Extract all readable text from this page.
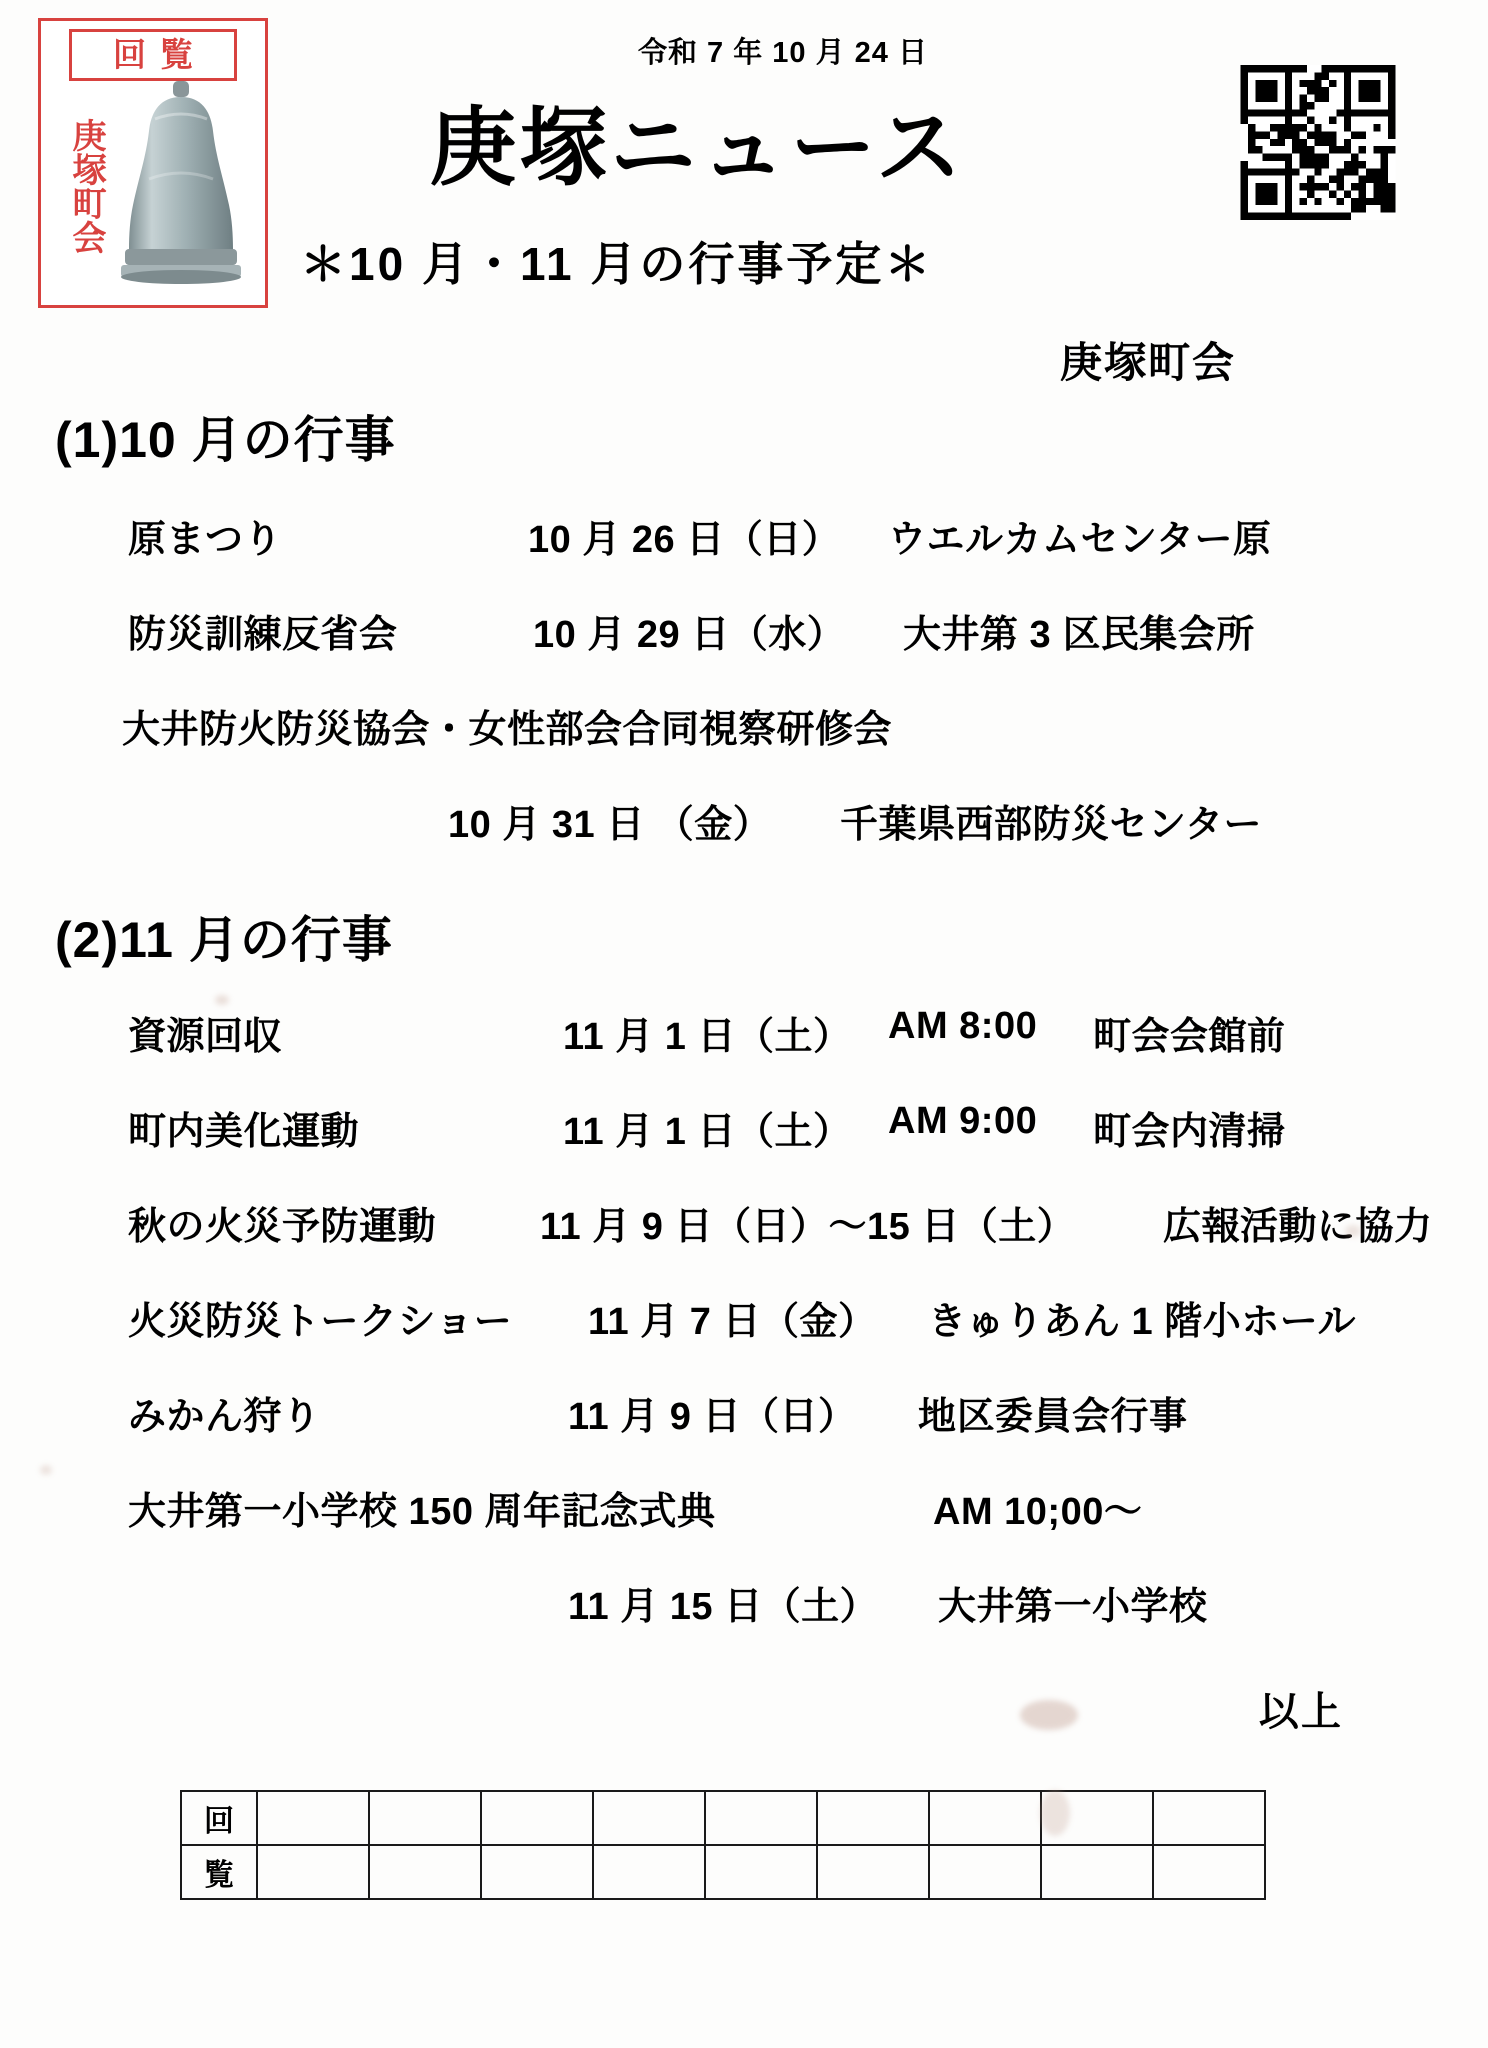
回覧
庚塚町会
令和 7 年 10 月 24 日
庚塚ニュース
＊10 月・11 月の行事予定＊
庚塚町会
(1)10 月の行事
原まつり	10 月 26 日（日） ウエルカムセンター原
防災訓練反省会	10 月 29 日（水） 大井第 3 区民集会所
大井防火防災協会・女性部会合同視察研修会
10 月 31 日 （金） 千葉県西部防災センター
(2)11 月の行事
資源回収	11 月 1 日（土） AM 8:00 町会会館前
町内美化運動	11 月 1 日（土） AM 9:00 町会内清掃
秋の火災予防運動	11 月 9 日（日）～15 日（土） 広報活動に協力
火災防災トークショー 11 月 7 日（金） きゅりあん 1 階小ホール
みかん狩り	11 月 9 日（日） 地区委員会行事
大井第一小学校 150 周年記念式典	AM 10;00～
11 月 15 日（土） 大井第一小学校
以上
回									
覧									
